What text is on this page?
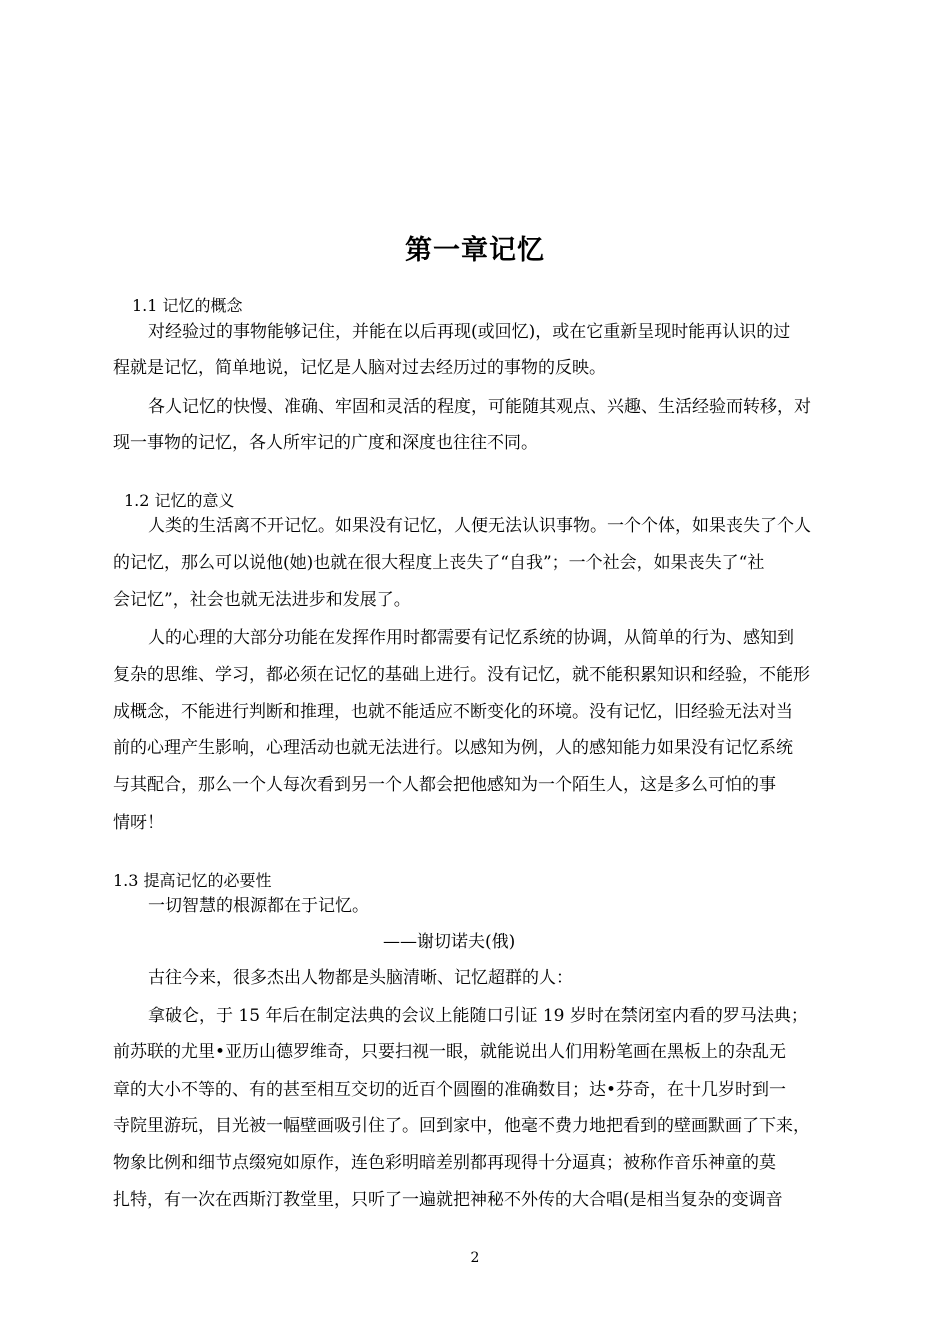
第一章记忆
1.1 记忆的概念
对经验过的事物能够记住，并能在以后再现(或回忆)，或在它重新呈现时能再认识的过
程就是记忆，简单地说，记忆是人脑对过去经历过的事物的反映。
各人记忆的快慢、准确、牢固和灵活的程度，可能随其观点、兴趣、生活经验而转移，对
现一事物的记忆，各人所牢记的广度和深度也往往不同。
1.2 记忆的意义
人类的生活离不开记忆。如果没有记忆，人便无法认识事物。一个个体，如果丧失了个人
的记忆，那么可以说他(她)也就在很大程度上丧失了“自我”；一个社会，如果丧失了“社
会记忆”，社会也就无法进步和发展了。
人的心理的大部分功能在发挥作用时都需要有记忆系统的协调，从简单的行为、感知到
复杂的思维、学习，都必须在记忆的基础上进行。没有记忆，就不能积累知识和经验，不能形
成概念，不能进行判断和推理，也就不能适应不断变化的环境。没有记忆，旧经验无法对当
前的心理产生影响，心理活动也就无法进行。以感知为例，人的感知能力如果没有记忆系统
与其配合，那么一个人每次看到另一个人都会把他感知为一个陌生人，这是多么可怕的事
情呀！
1.3 提高记忆的必要性
一切智慧的根源都在于记忆。
——谢切诺夫(俄)
古往今来，很多杰出人物都是头脑清晰、记忆超群的人：
拿破仑，于 15 年后在制定法典的会议上能随口引证 19 岁时在禁闭室内看的罗马法典；
前苏联的尤里•亚历山德罗维奇，只要扫视一眼，就能说出人们用粉笔画在黑板上的杂乱无
章的大小不等的、有的甚至相互交切的近百个圆圈的准确数目；达•芬奇，在十几岁时到一
寺院里游玩，目光被一幅壁画吸引住了。回到家中，他毫不费力地把看到的壁画默画了下来，
物象比例和细节点缀宛如原作，连色彩明暗差别都再现得十分逼真；被称作音乐神童的莫
扎特，有一次在西斯汀教堂里，只听了一遍就把神秘不外传的大合唱(是相当复杂的变调音
2
